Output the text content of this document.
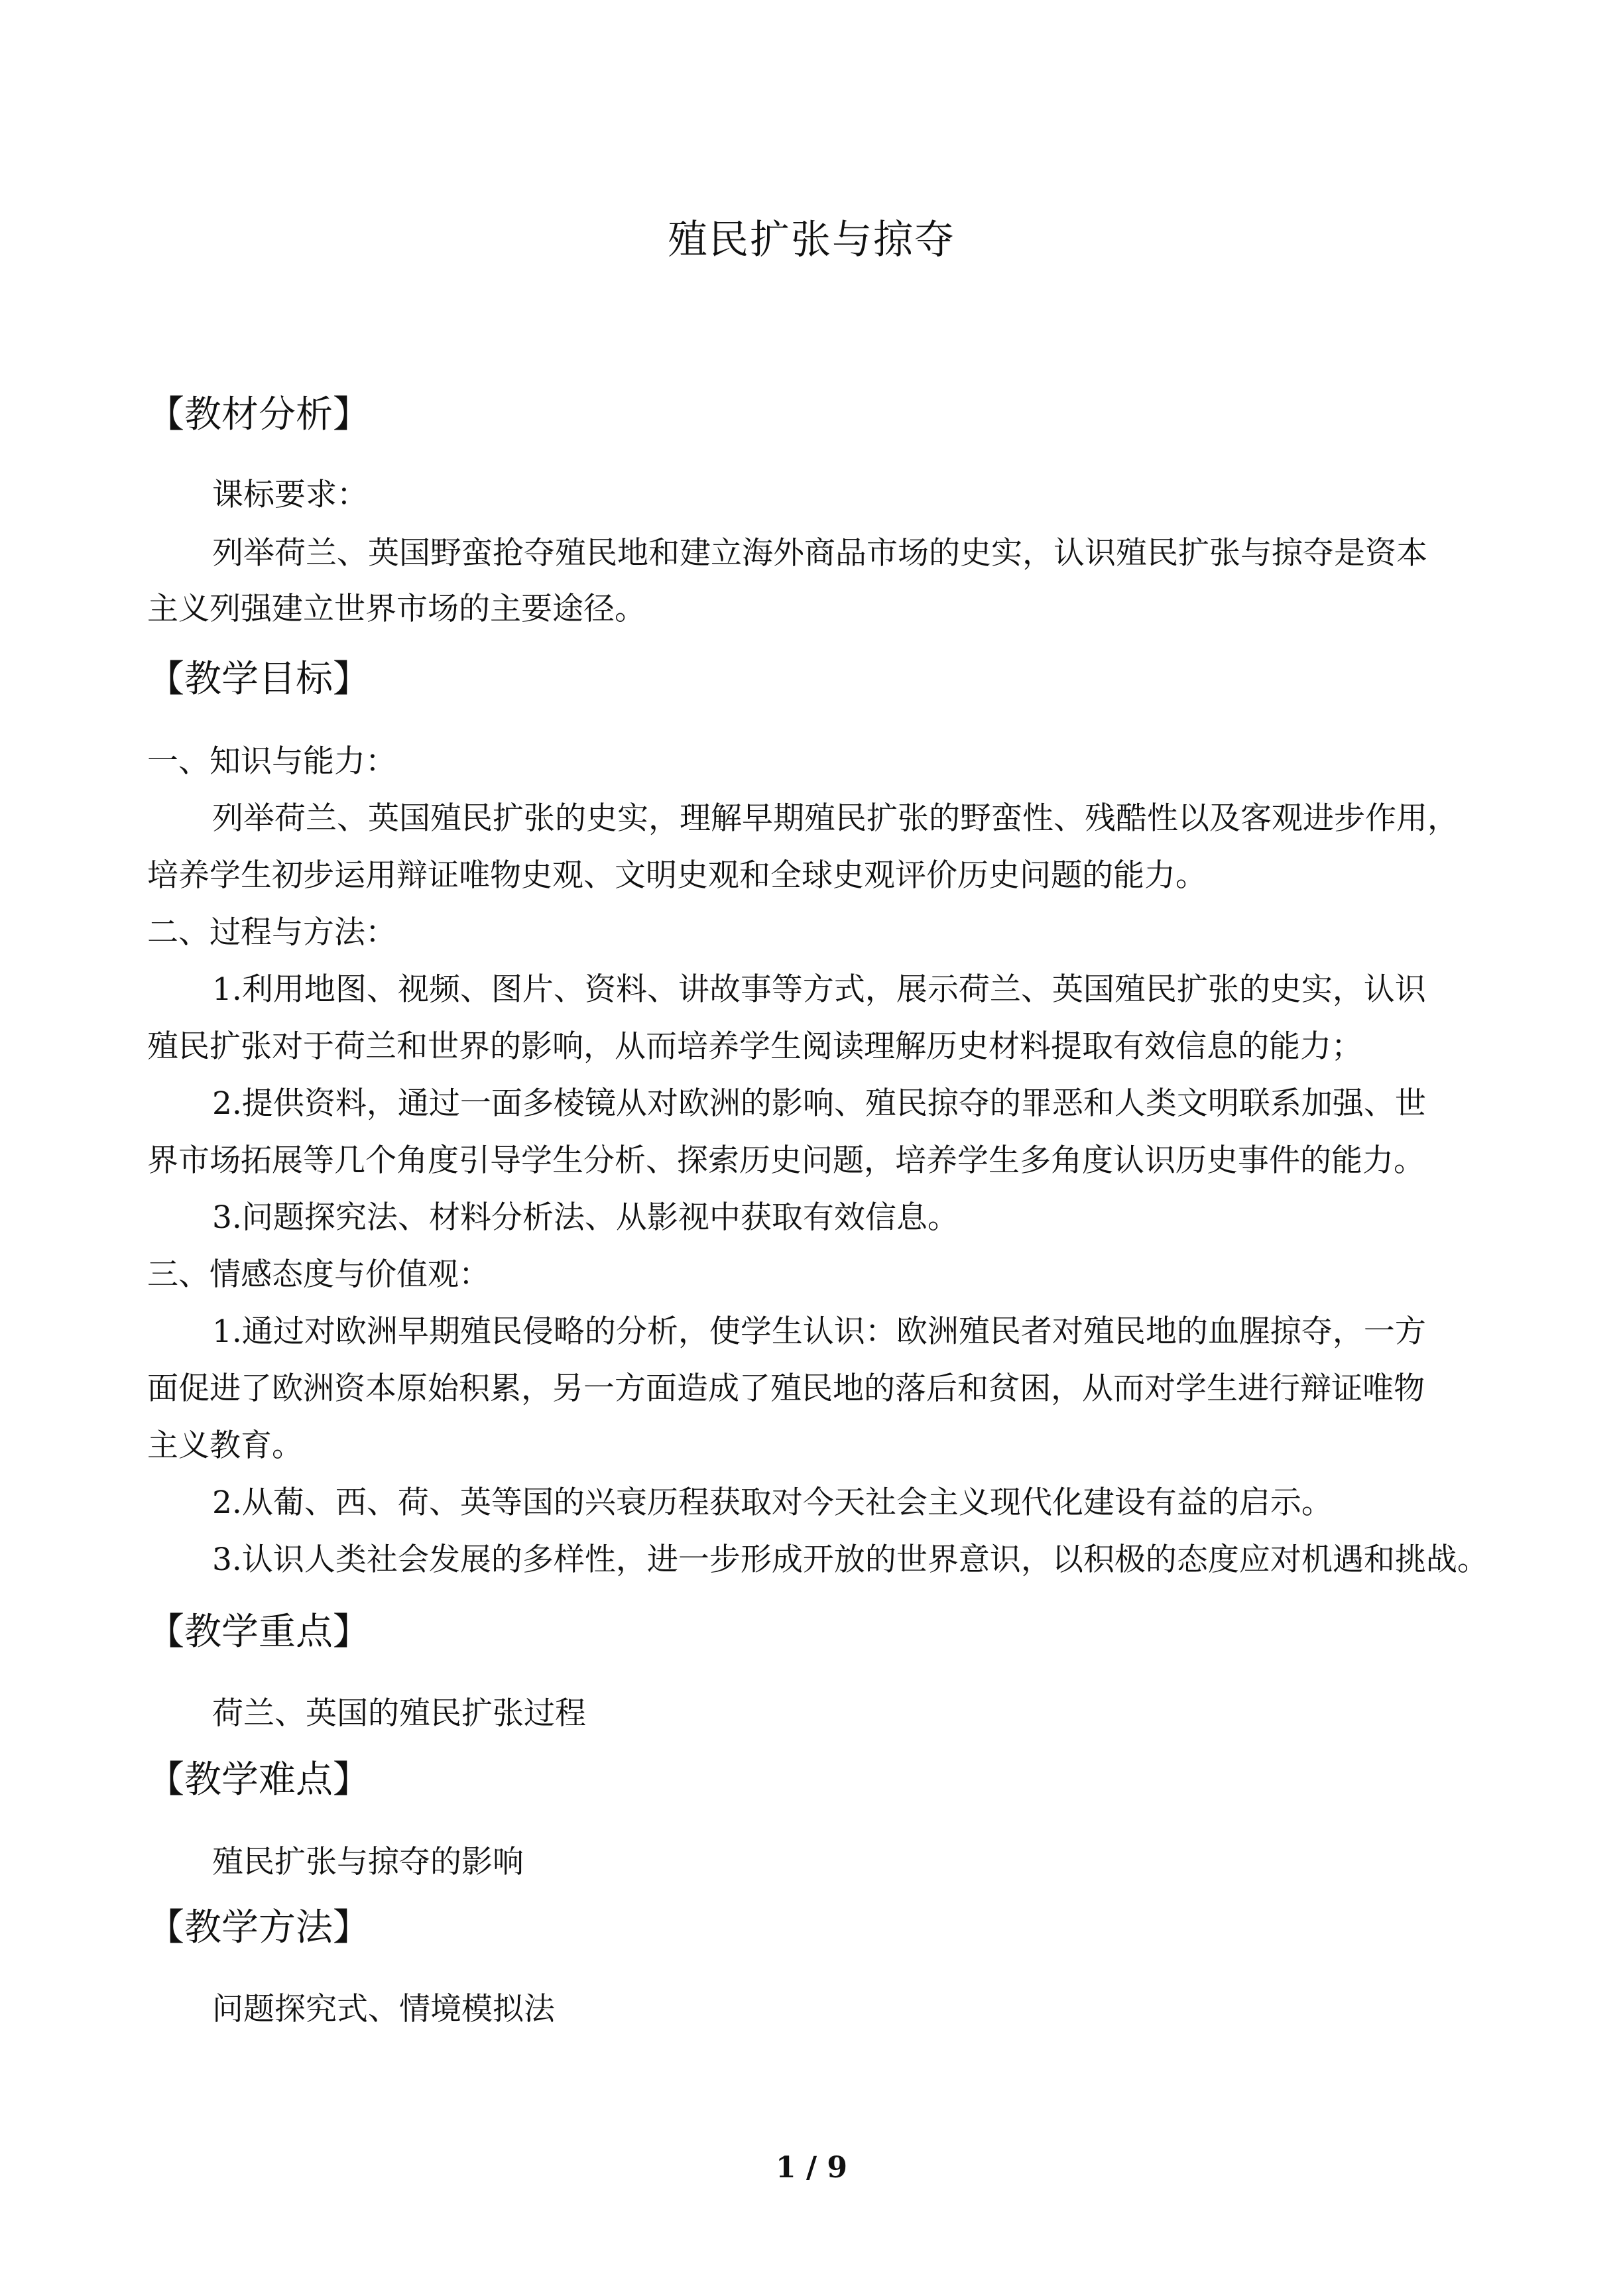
殖民扩张与掠夺
【教材分析】
课标要求：
列举荷兰、英国野蛮抢夺殖民地和建立海外商品市场的史实，认识殖民扩张与掠夺是资本
主义列强建立世界市场的主要途径。
【教学目标】
一、知识与能力：
列举荷兰、英国殖民扩张的史实，理解早期殖民扩张的野蛮性、残酷性以及客观进步作用，
培养学生初步运用辩证唯物史观、文明史观和全球史观评价历史问题的能力。
二、过程与方法：
1.利用地图、视频、图片、资料、讲故事等方式，展示荷兰、英国殖民扩张的史实，认识
殖民扩张对于荷兰和世界的影响，从而培养学生阅读理解历史材料提取有效信息的能力；
2.提供资料，通过一面多棱镜从对欧洲的影响、殖民掠夺的罪恶和人类文明联系加强、世
界市场拓展等几个角度引导学生分析、探索历史问题，培养学生多角度认识历史事件的能力。
3.问题探究法、材料分析法、从影视中获取有效信息。
三、情感态度与价值观：
1.通过对欧洲早期殖民侵略的分析，使学生认识：欧洲殖民者对殖民地的血腥掠夺，一方
面促进了欧洲资本原始积累，另一方面造成了殖民地的落后和贫困，从而对学生进行辩证唯物
主义教育。
2.从葡、西、荷、英等国的兴衰历程获取对今天社会主义现代化建设有益的启示。
3.认识人类社会发展的多样性，进一步形成开放的世界意识，以积极的态度应对机遇和挑战。
【教学重点】
荷兰、英国的殖民扩张过程
【教学难点】
殖民扩张与掠夺的影响
【教学方法】
问题探究式、情境模拟法
1 / 9
